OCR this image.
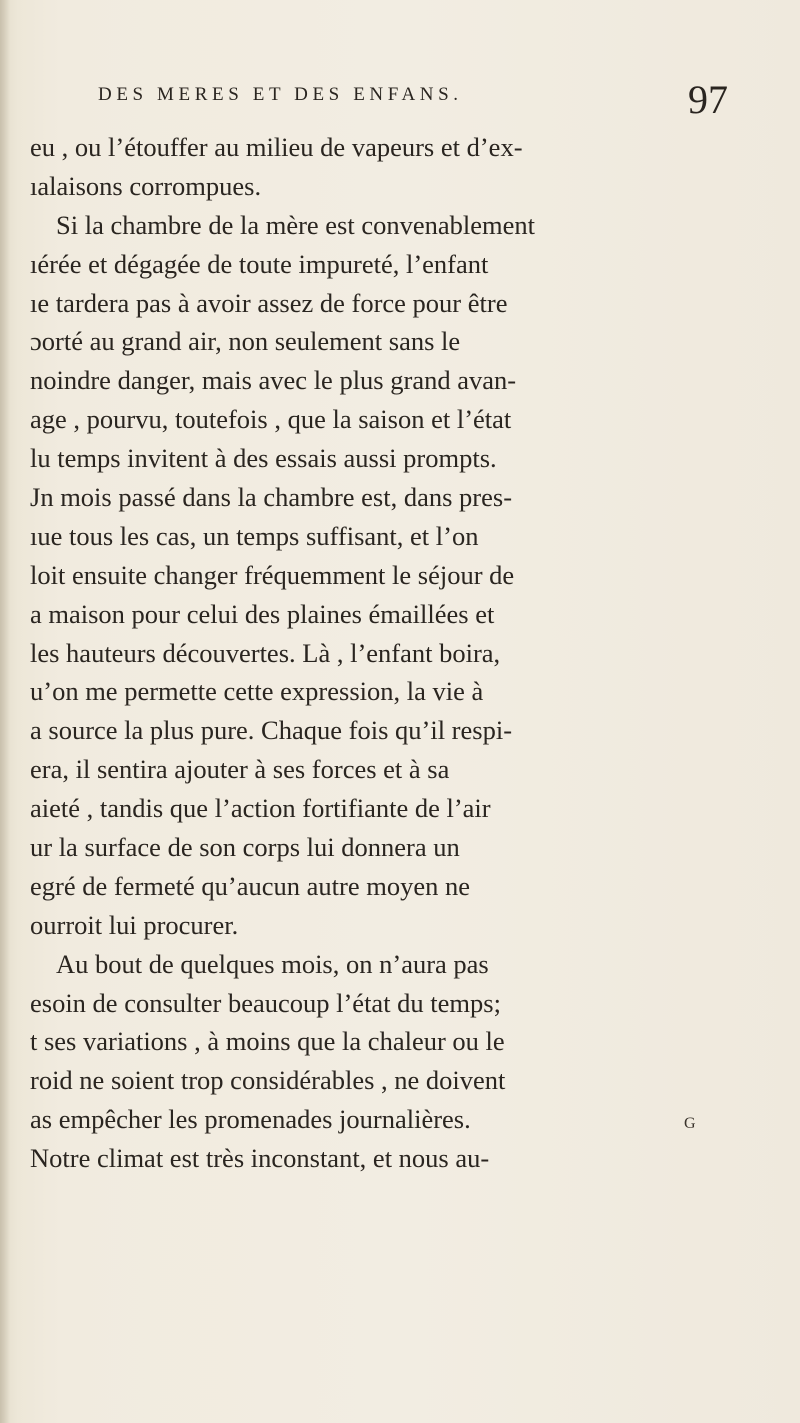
DES MERES ET DES ENFANS.	97
eu , ou l’étouffer au milieu de vapeurs et d’ex-
ıalaisons corrompues.
Si la chambre de la mère est convenablement
ıérée et dégagée de toute impureté, l’enfant
ıe tardera pas à avoir assez de force pour être
ɔorté au grand air, non seulement sans le
noindre danger, mais avec le plus grand avan-
age , pourvu, toutefois , que la saison et l’état
lu temps invitent à des essais aussi prompts.
Jn mois passé dans la chambre est, dans pres-
ıue tous les cas, un temps suffisant, et l’on
loit ensuite changer fréquemment le séjour de
a maison pour celui des plaines émaillées et
les hauteurs découvertes. Là , l’enfant boira,
u’on me permette cette expression, la vie à
a source la plus pure. Chaque fois qu’il respi-
era, il sentira ajouter à ses forces et à sa
aieté , tandis que l’action fortifiante de l’air
ur la surface de son corps lui donnera un
egré de fermeté qu’aucun autre moyen ne
ourroit lui procurer.
Au bout de quelques mois, on n’aura pas
esoin de consulter beaucoup l’état du temps;
t ses variations , à moins que la chaleur ou le
roid ne soient trop considérables , ne doivent
as empêcher les promenades journalières.
Notre climat est très inconstant, et nous au-
G
